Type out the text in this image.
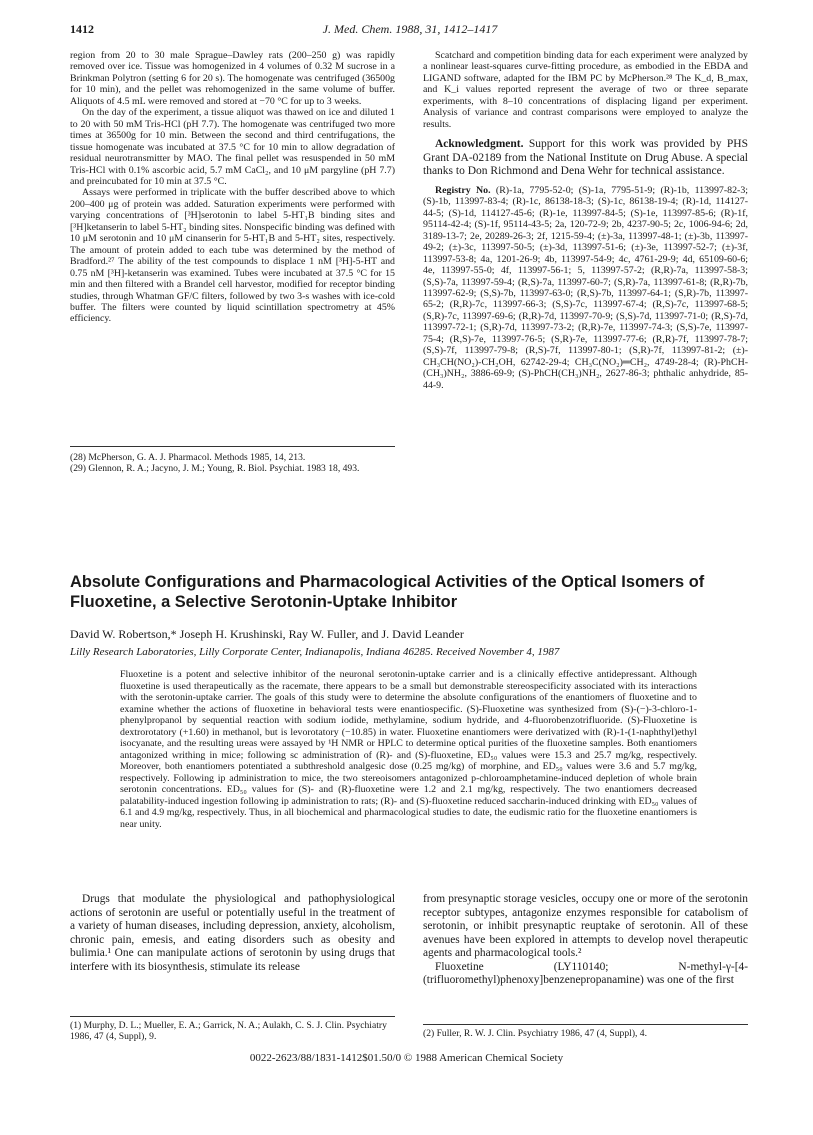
1412	J. Med. Chem. 1988, 31, 1412–1417

region from 20 to 30 male Sprague–Dawley rats (200–250 g) was rapidly removed over ice. Tissue was homogenized in 4 volumes of 0.32 M sucrose in a Brinkman Polytron (setting 6 for 20 s). The homogenate was centrifuged (36500g for 10 min), and the pellet was rehomogenized in the same volume of buffer. Aliquots of 4.5 mL were removed and stored at −70 °C for up to 3 weeks.

On the day of the experiment, a tissue aliquot was thawed on ice and diluted 1 to 20 with 50 mM Tris-HCl (pH 7.7). The homogenate was centrifuged two more times at 36500g for 10 min. Between the second and third centrifugations, the tissue homogenate was incubated at 37.5 °C for 10 min to allow degradation of residual neurotransmitter by MAO. The final pellet was resuspended in 50 mM Tris-HCl with 0.1% ascorbic acid, 5.7 mM CaCl₂, and 10 μM pargyline (pH 7.7) and preincubated for 10 min at 37.5 °C.

Assays were performed in triplicate with the buffer described above to which 200–400 μg of protein was added. Saturation experiments were performed with varying concentrations of [³H]serotonin to label 5-HT₁B binding sites and [³H]ketanserin to label 5-HT₂ binding sites. Nonspecific binding was defined with 10 μM serotonin and 10 μM cinanserin for 5-HT₁B and 5-HT₂ sites, respectively. The amount of protein added to each tube was determined by the method of Bradford.²⁷ The ability of the test compounds to displace 1 nM [³H]-5-HT and 0.75 nM [³H]-ketanserin was examined. Tubes were incubated at 37.5 °C for 15 min and then filtered with a Brandel cell harvestor, modified for receptor binding studies, through Whatman GF/C filters, followed by two 3-s washes with ice-cold buffer. The filters were counted by liquid scintillation spectrometry at 45% efficiency.

(28) McPherson, G. A. J. Pharmacol. Methods 1985, 14, 213.

(29) Glennon, R. A.; Jacyno, J. M.; Young, R. Biol. Psychiat. 1983 18, 493.

Scatchard and competition binding data for each experiment were analyzed by a nonlinear least-squares curve-fitting procedure, as embodied in the EBDA and LIGAND software, adapted for the IBM PC by McPherson.²⁸ The K_d, B_max, and K_i values reported represent the average of two or three separate experiments, with 8–10 concentrations of displacing ligand per experiment. Analysis of variance and contrast comparisons were employed to analyze the results.

Acknowledgment. Support for this work was provided by PHS Grant DA-02189 from the National Institute on Drug Abuse. A special thanks to Don Richmond and Dena Wehr for technical assistance.

Registry No. (R)-1a, 7795-52-0; (S)-1a, 7795-51-9; (R)-1b, 113997-82-3; (S)-1b, 113997-83-4; (R)-1c, 86138-18-3; (S)-1c, 86138-19-4; (R)-1d, 114127-44-5; (S)-1d, 114127-45-6; (R)-1e, 113997-84-5; (S)-1e, 113997-85-6; (R)-1f, 95114-42-4; (S)-1f, 95114-43-5; 2a, 120-72-9; 2b, 4237-90-5; 2c, 1006-94-6; 2d, 3189-13-7; 2e, 20289-26-3; 2f, 1215-59-4; (±)-3a, 113997-48-1; (±)-3b, 113997-49-2; (±)-3c, 113997-50-5; (±)-3d, 113997-51-6; (±)-3e, 113997-52-7; (±)-3f, 113997-53-8; 4a, 1201-26-9; 4b, 113997-54-9; 4c, 4761-29-9; 4d, 65109-60-6; 4e, 113997-55-0; 4f, 113997-56-1; 5, 113997-57-2; (R,R)-7a, 113997-58-3; (S,S)-7a, 113997-59-4; (R,S)-7a, 113997-60-7; (S,R)-7a, 113997-61-8; (R,R)-7b, 113997-62-9; (S,S)-7b, 113997-63-0; (R,S)-7b, 113997-64-1; (S,R)-7b, 113997-65-2; (R,R)-7c, 113997-66-3; (S,S)-7c, 113997-67-4; (R,S)-7c, 113997-68-5; (S,R)-7c, 113997-69-6; (R,R)-7d, 113997-70-9; (S,S)-7d, 113997-71-0; (R,S)-7d, 113997-72-1; (S,R)-7d, 113997-73-2; (R,R)-7e, 113997-74-3; (S,S)-7e, 113997-75-4; (R,S)-7e, 113997-76-5; (S,R)-7e, 113997-77-6; (R,R)-7f, 113997-78-7; (S,S)-7f, 113997-79-8; (R,S)-7f, 113997-80-1; (S,R)-7f, 113997-81-2; (±)-CH₃CH(NO₂)-CH₂OH, 62742-29-4; CH₃C(NO₂)═CH₂, 4749-28-4; (R)-PhCH-(CH₃)NH₂, 3886-69-9; (S)-PhCH(CH₃)NH₂, 2627-86-3; phthalic anhydride, 85-44-9.

Absolute Configurations and Pharmacological Activities of the Optical Isomers of Fluoxetine, a Selective Serotonin-Uptake Inhibitor
David W. Robertson,* Joseph H. Krushinski, Ray W. Fuller, and J. David Leander
Lilly Research Laboratories, Lilly Corporate Center, Indianapolis, Indiana 46285. Received November 4, 1987
Fluoxetine is a potent and selective inhibitor of the neuronal serotonin-uptake carrier and is a clinically effective antidepressant. Although fluoxetine is used therapeutically as the racemate, there appears to be a small but demonstrable stereospecificity associated with its interactions with the serotonin-uptake carrier. The goals of this study were to determine the absolute configurations of the enantiomers of fluoxetine and to examine whether the actions of fluoxetine in behavioral tests were enantiospecific. (S)-Fluoxetine was synthesized from (S)-(−)-3-chloro-1-phenylpropanol by sequential reaction with sodium iodide, methylamine, sodium hydride, and 4-fluorobenzotrifluoride. (S)-Fluoxetine is dextrorotatory (+1.60) in methanol, but is levorotatory (−10.85) in water. Fluoxetine enantiomers were derivatized with (R)-1-(1-naphthyl)ethyl isocyanate, and the resulting ureas were assayed by ¹H NMR or HPLC to determine optical purities of the fluoxetine samples. Both enantiomers antagonized writhing in mice; following sc administration of (R)- and (S)-fluoxetine, ED₅₀ values were 15.3 and 25.7 mg/kg, respectively. Moreover, both enantiomers potentiated a subthreshold analgesic dose (0.25 mg/kg) of morphine, and ED₅₀ values were 3.6 and 5.7 mg/kg, respectively. Following ip administration to mice, the two stereoisomers antagonized p-chloroamphetamine-induced depletion of whole brain serotonin concentrations. ED₅₀ values for (S)- and (R)-fluoxetine were 1.2 and 2.1 mg/kg, respectively. The two enantiomers decreased palatability-induced ingestion following ip administration to rats; (R)- and (S)-fluoxetine reduced saccharin-induced drinking with ED₅₀ values of 6.1 and 4.9 mg/kg, respectively. Thus, in all biochemical and pharmacological studies to date, the eudismic ratio for the fluoxetine enantiomers is near unity.

Drugs that modulate the physiological and pathophysiological actions of serotonin are useful or potentially useful in the treatment of a variety of human diseases, including depression, anxiety, alcoholism, chronic pain, emesis, and eating disorders such as obesity and bulimia.¹ One can manipulate actions of serotonin by using drugs that interfere with its biosynthesis, stimulate its release

from presynaptic storage vesicles, occupy one or more of the serotonin receptor subtypes, antagonize enzymes responsible for catabolism of serotonin, or inhibit presynaptic reuptake of serotonin. All of these avenues have been explored in attempts to develop novel therapeutic agents and pharmacological tools.²

Fluoxetine (LY110140; N-methyl-γ-[4-(trifluoromethyl)phenoxy]benzenepropanamine) was one of the first

(1) Murphy, D. L.; Mueller, E. A.; Garrick, N. A.; Aulakh, C. S. J. Clin. Psychiatry 1986, 47 (4, Suppl), 9.	(2) Fuller, R. W. J. Clin. Psychiatry 1986, 47 (4, Suppl), 4.
0022-2623/88/1831-1412$01.50/0 © 1988 American Chemical Society
